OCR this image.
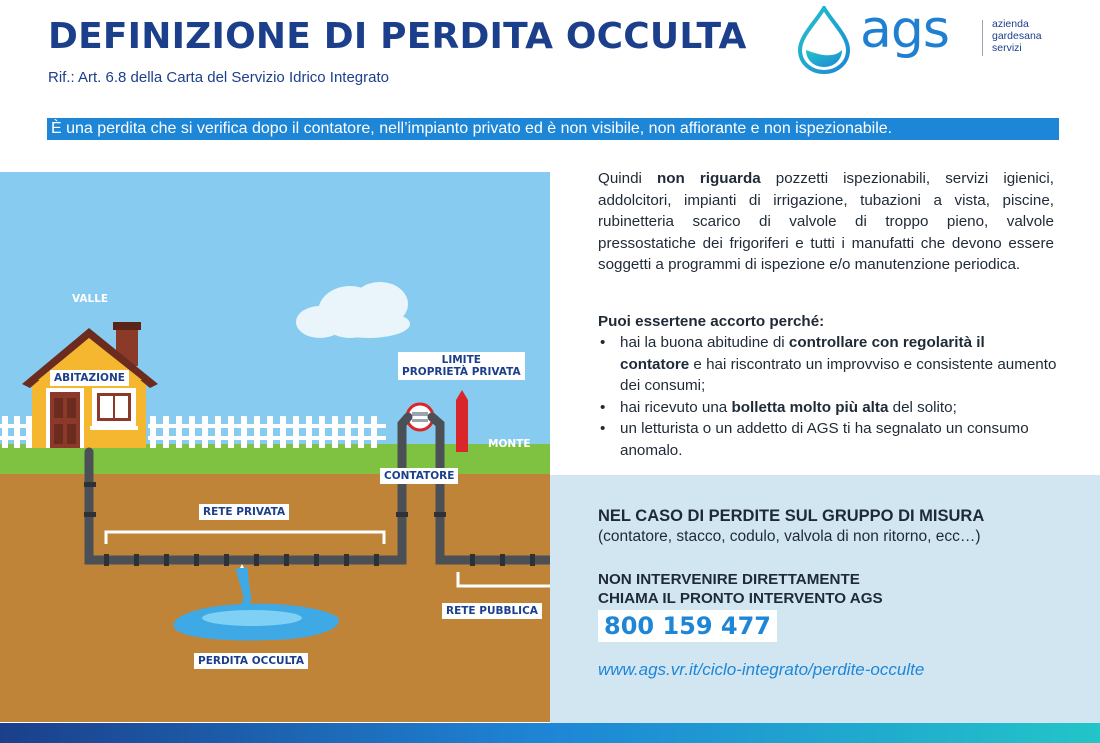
DEFINIZIONE DI PERDITA OCCULTA
Rif.: Art. 6.8 della Carta del Servizio Idrico Integrato
ags	azienda
gardesana
servizi
È una perdita che si verifica dopo il contatore, nell’impianto privato ed è non visibile, non affiorante e non ispezionabile.
VALLE
ABITAZIONE
LIMITE
PROPRIETÀ PRIVATA
MONTE
CONTATORE
RETE PRIVATA
RETE PUBBLICA
PERDITA OCCULTA
Quindi non riguarda pozzetti ispezionabili, servizi igienici, addolcitori, impianti di irrigazione, tubazioni a vista, piscine, rubinetteria scarico di valvole di troppo pieno, valvole pressostatiche dei frigoriferi e tutti i manufatti che devono essere soggetti a programmi di ispezione e/o manutenzione periodica.
Puoi essertene accorto perché:
• hai la buona abitudine di controllare con regolarità il contatore e hai riscontrato un improvviso e consistente aumento dei consumi;
• hai ricevuto una bolletta molto più alta del solito;
• un letturista o un addetto di AGS ti ha segnalato un consumo anomalo.
NEL CASO DI PERDITE SUL GRUPPO DI MISURA
(contatore, stacco, codulo, valvola di non ritorno, ecc…)
NON INTERVENIRE DIRETTAMENTE
CHIAMA IL PRONTO INTERVENTO AGS
800 159 477
www.ags.vr.it/ciclo-integrato/perdite-occulte
